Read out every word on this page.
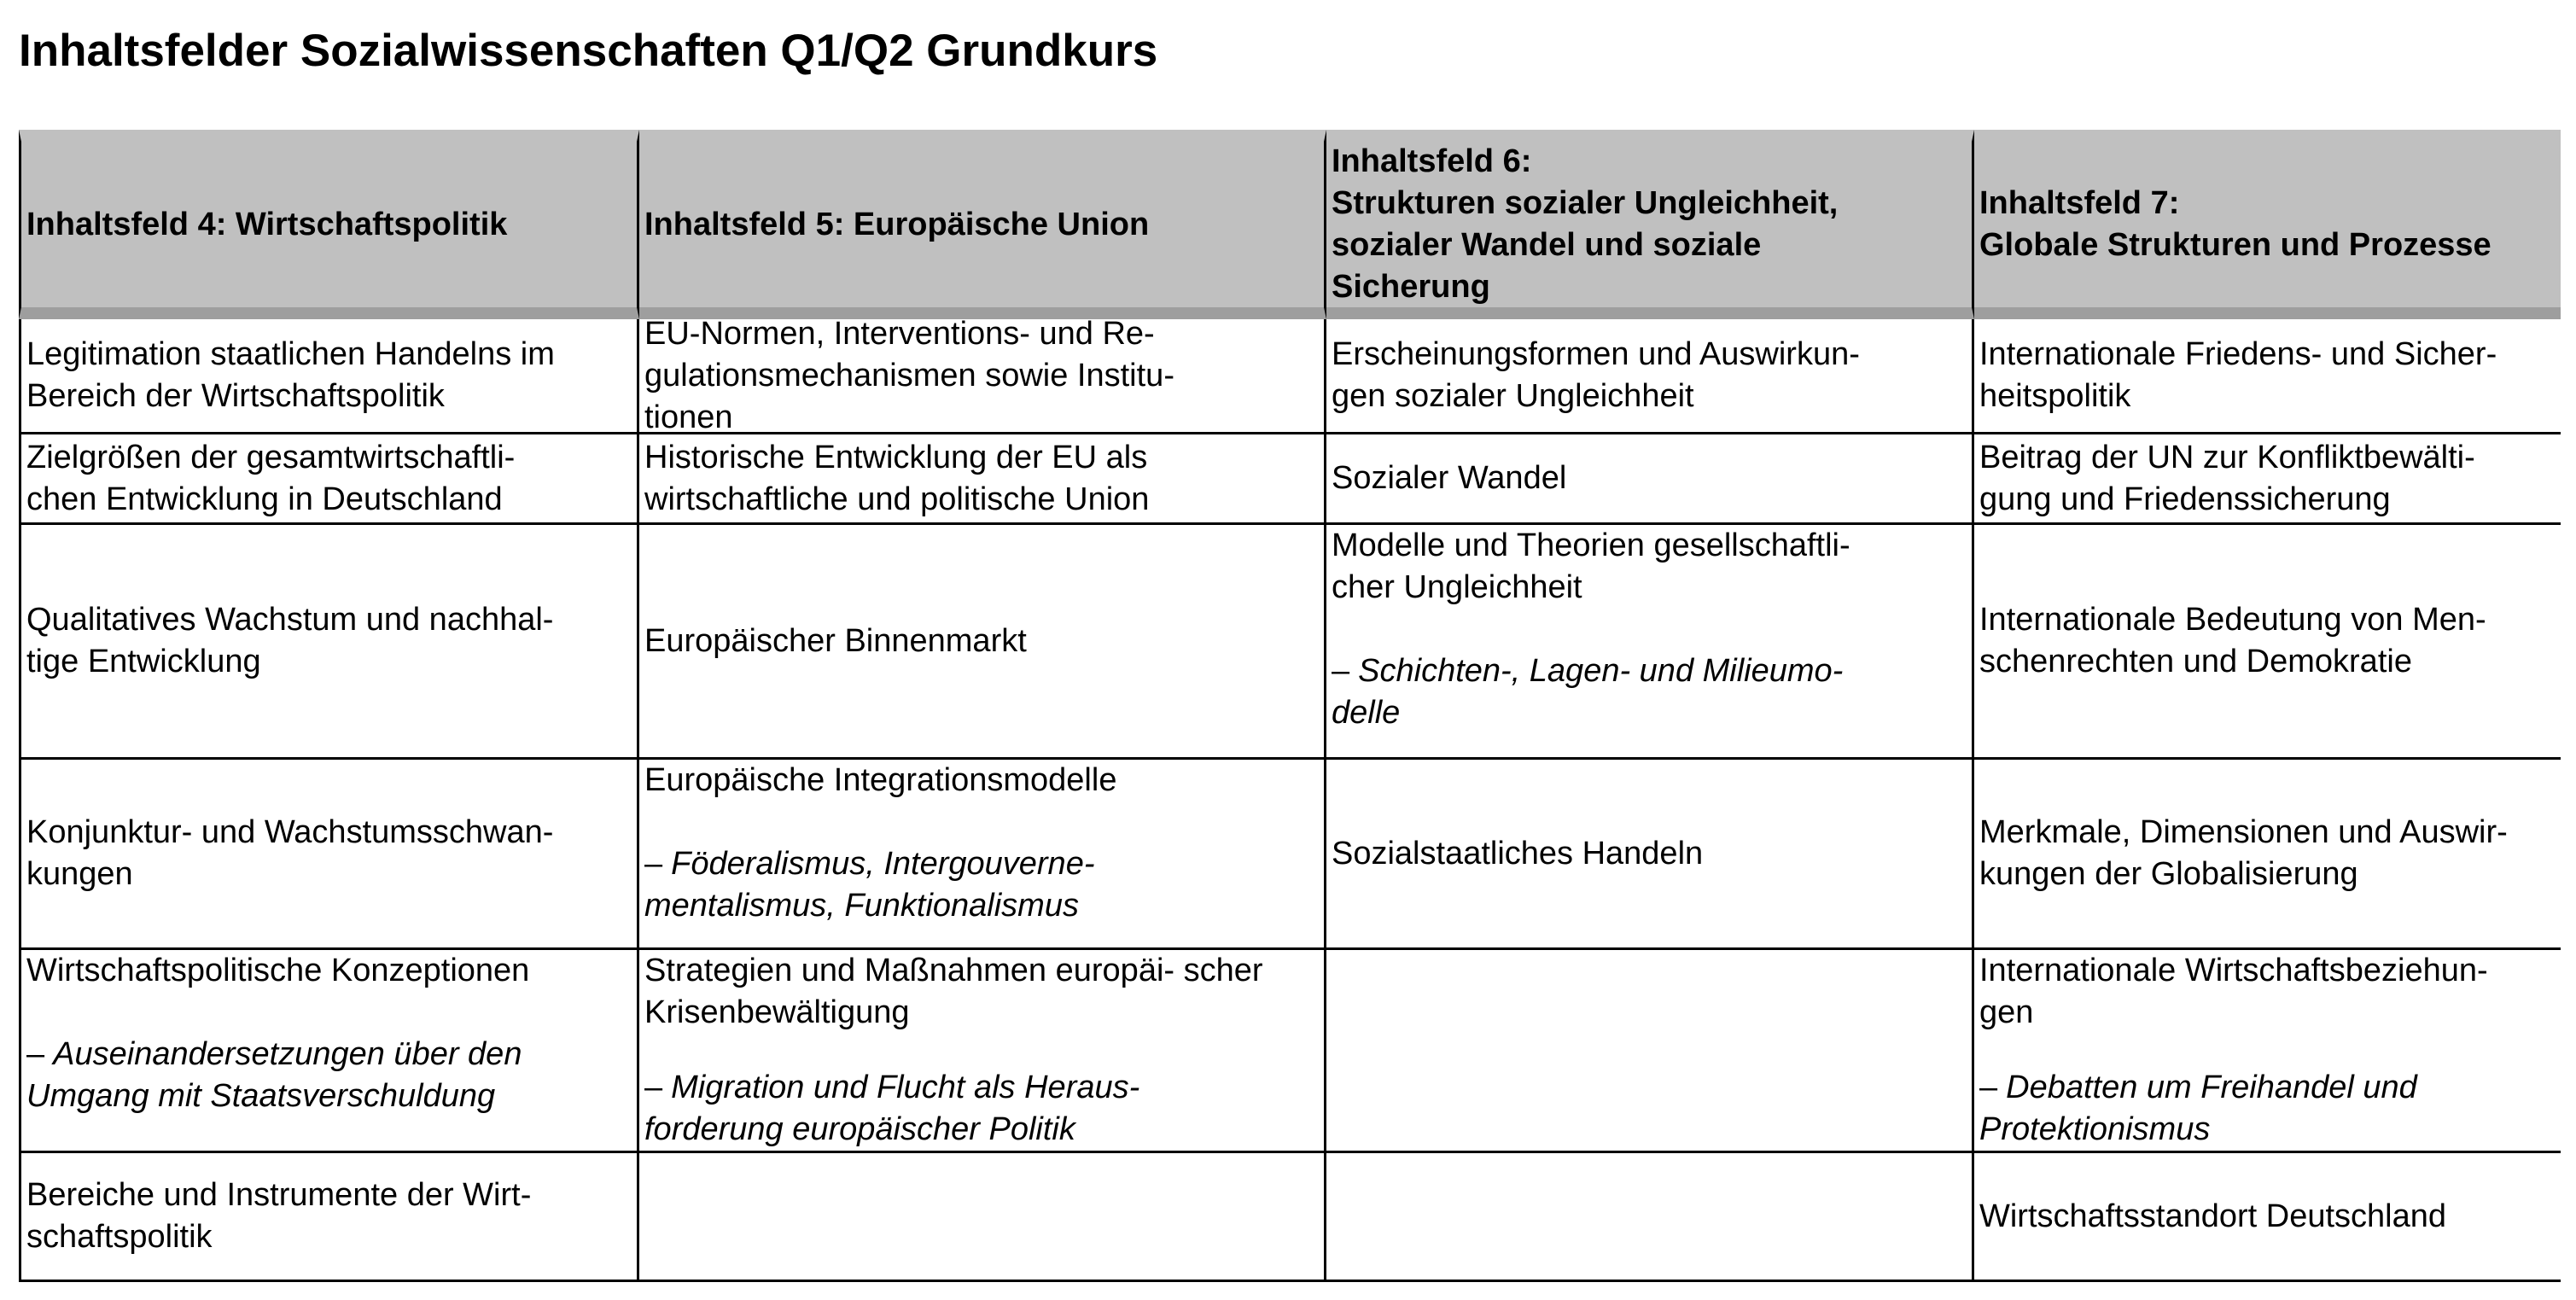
Inhaltsfelder Sozialwissenschaften Q1/Q2 Grundkurs
Inhaltsfeld 4: Wirtschaftspolitik	Inhaltsfeld 5: Europäische Union
Inhaltsfeld 6:
Strukturen sozialer Ungleichheit,
sozialer Wandel und soziale
Sicherung
Inhaltsfeld 7:
Globale Strukturen und Prozesse
Legitimation staatlichen Handelns im
Bereich der Wirtschaftspolitik
EU-Normen, Interventions- und Re-
gulationsmechanismen sowie Institu-
tionen
Erscheinungsformen und Auswirkun-
gen sozialer Ungleichheit
Internationale Friedens- und Sicher-
heitspolitik
Zielgrößen der gesamtwirtschaftli-
chen Entwicklung in Deutschland
Historische Entwicklung der EU als
wirtschaftliche und politische Union
Sozialer Wandel
Beitrag der UN zur Konfliktbewälti-
gung und Friedenssicherung
Qualitatives Wachstum und nachhal-
tige Entwicklung
Europäischer Binnenmarkt
Modelle und Theorien gesellschaftli-
cher Ungleichheit
– Schichten-, Lagen- und Milieumo-
delle
Internationale Bedeutung von Men-
schenrechten und Demokratie
Konjunktur- und Wachstumsschwan-
kungen
Europäische Integrationsmodelle
– Föderalismus, Intergouverne-
mentalismus, Funktionalismus
Sozialstaatliches Handeln
Merkmale, Dimensionen und Auswir-
kungen der Globalisierung
Wirtschaftspolitische Konzeptionen
– Auseinandersetzungen über den
Umgang mit Staatsverschuldung
Strategien und Maßnahmen europäi- scher
Krisenbewältigung
– Migration und Flucht als Heraus-
forderung europäischer Politik
Internationale Wirtschaftsbeziehun-
gen
– Debatten um Freihandel und
Protektionismus
Bereiche und Instrumente der Wirt-
schaftspolitik
Wirtschaftsstandort Deutschland
